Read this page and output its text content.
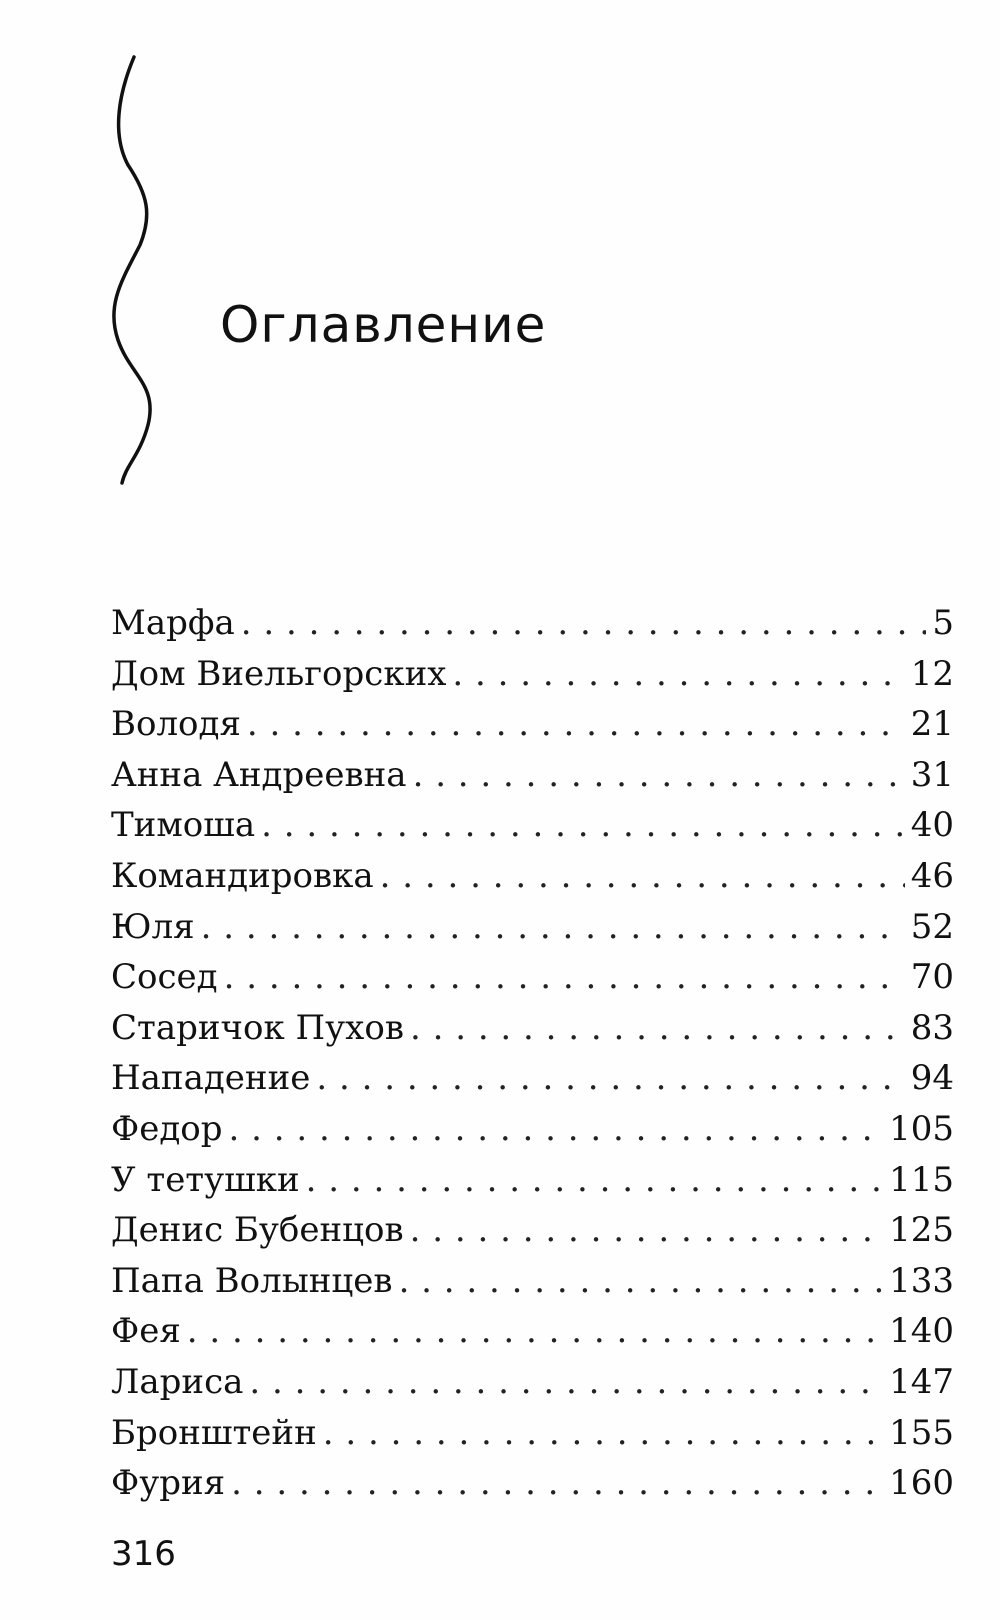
Оглавление
Марфа . . .	5
Дом Виельгорских . . .	12
Володя . . .	21
Анна Андреевна . . .	31
Тимоша . . .	40
Командировка . . .	46
Юля . . .	52
Сосед . . .	70
Старичок Пухов . . .	83
Нападение . . .	94
Федор . . .	105
У тетушки . . .	115
Денис Бубенцов . . .	125
Папа Волынцев . . .	133
Фея . . .	140
Лариса . . .	147
Бронштейн . . .	155
Фурия . . .	160
316
